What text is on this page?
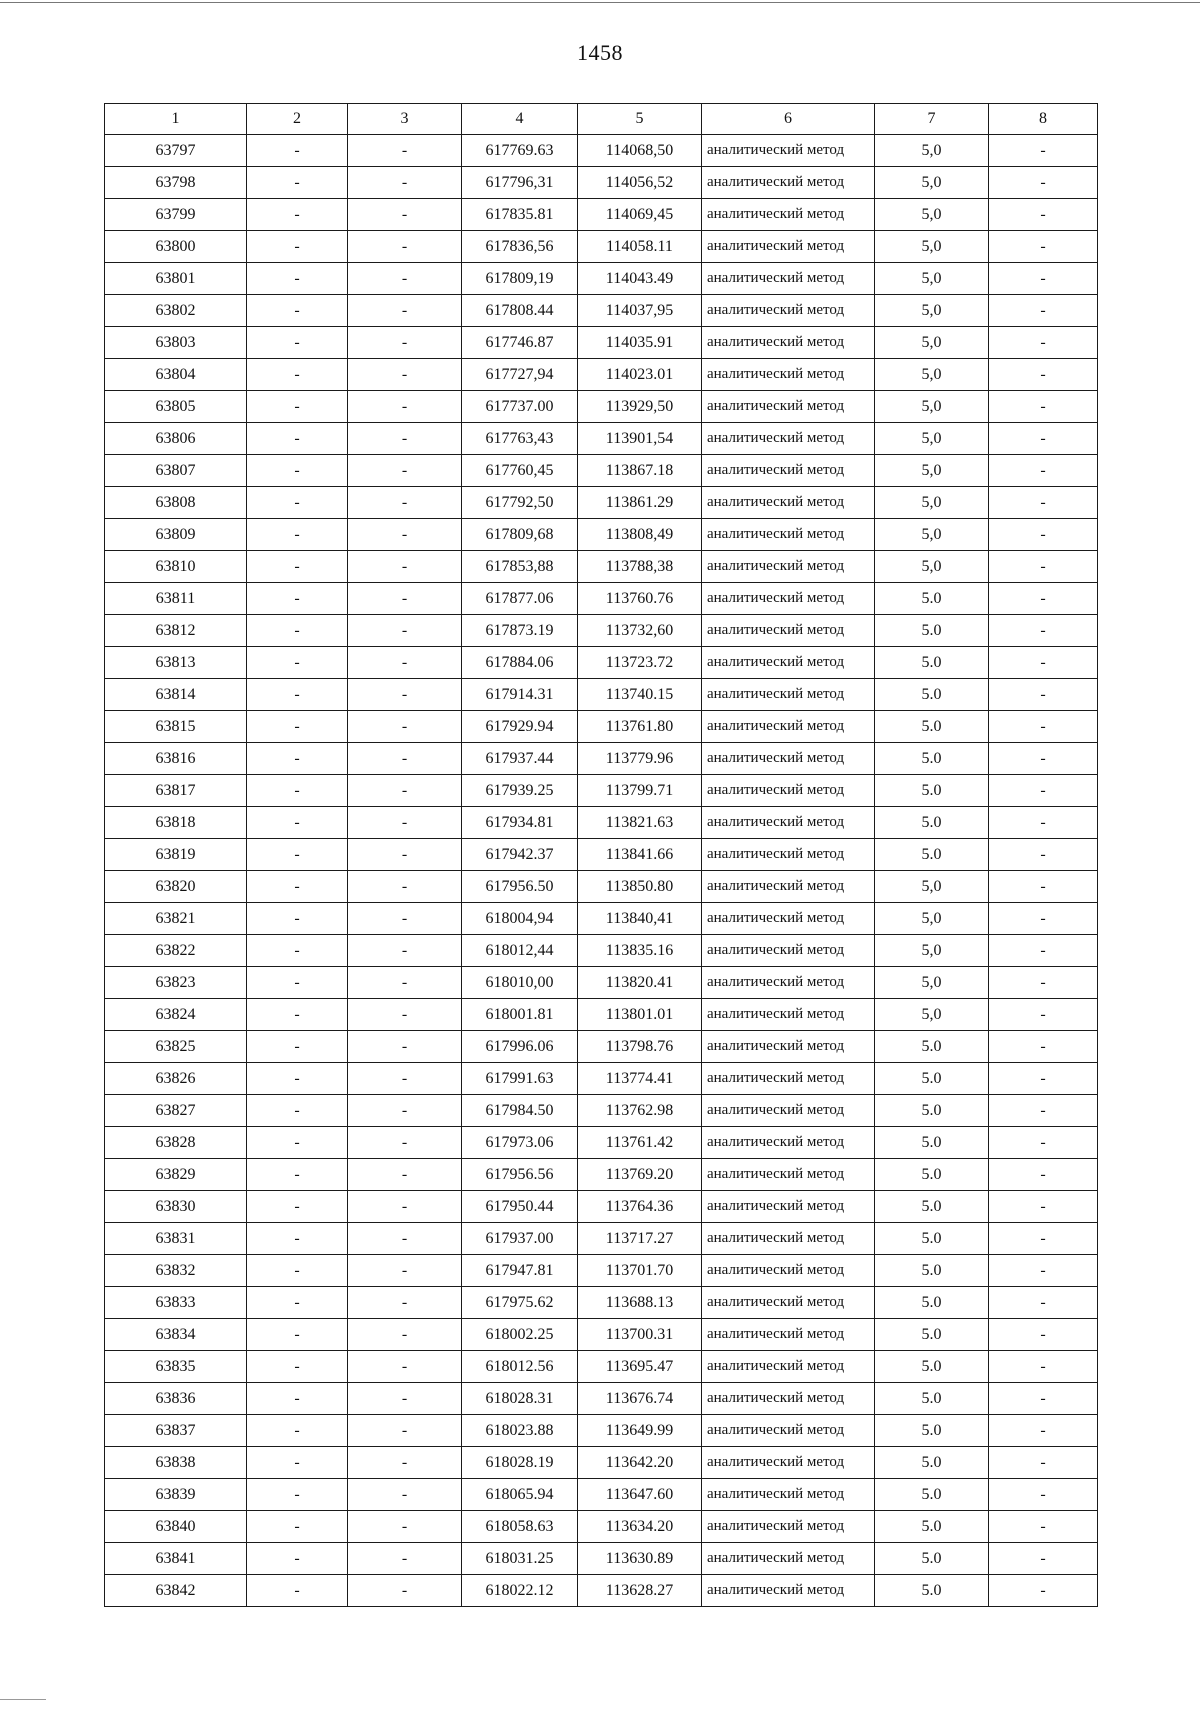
1458
1	2	3	4	5	6	7	8
63797	-	-	617769.63	114068,50	аналитический метод	5,0	-
63798	-	-	617796,31	114056,52	аналитический метод	5,0	-
63799	-	-	617835.81	114069,45	аналитический метод	5,0	-
63800	-	-	617836,56	114058.11	аналитический метод	5,0	-
63801	-	-	617809,19	114043.49	аналитический метод	5,0	-
63802	-	-	617808.44	114037,95	аналитический метод	5,0	-
63803	-	-	617746.87	114035.91	аналитический метод	5,0	-
63804	-	-	617727,94	114023.01	аналитический метод	5,0	-
63805	-	-	617737.00	113929,50	аналитический метод	5,0	-
63806	-	-	617763,43	113901,54	аналитический метод	5,0	-
63807	-	-	617760,45	113867.18	аналитический метод	5,0	-
63808	-	-	617792,50	113861.29	аналитический метод	5,0	-
63809	-	-	617809,68	113808,49	аналитический метод	5,0	-
63810	-	-	617853,88	113788,38	аналитический метод	5,0	-
63811	-	-	617877.06	113760.76	аналитический метод	5.0	-
63812	-	-	617873.19	113732,60	аналитический метод	5.0	-
63813	-	-	617884.06	113723.72	аналитический метод	5.0	-
63814	-	-	617914.31	113740.15	аналитический метод	5.0	-
63815	-	-	617929.94	113761.80	аналитический метод	5.0	-
63816	-	-	617937.44	113779.96	аналитический метод	5.0	-
63817	-	-	617939.25	113799.71	аналитический метод	5.0	-
63818	-	-	617934.81	113821.63	аналитический метод	5.0	-
63819	-	-	617942.37	113841.66	аналитический метод	5.0	-
63820	-	-	617956.50	113850.80	аналитический метод	5,0	-
63821	-	-	618004,94	113840,41	аналитический метод	5,0	-
63822	-	-	618012,44	113835.16	аналитический метод	5,0	-
63823	-	-	618010,00	113820.41	аналитический метод	5,0	-
63824	-	-	618001.81	113801.01	аналитический метод	5,0	-
63825	-	-	617996.06	113798.76	аналитический метод	5.0	-
63826	-	-	617991.63	113774.41	аналитический метод	5.0	-
63827	-	-	617984.50	113762.98	аналитический метод	5.0	-
63828	-	-	617973.06	113761.42	аналитический метод	5.0	-
63829	-	-	617956.56	113769.20	аналитический метод	5.0	-
63830	-	-	617950.44	113764.36	аналитический метод	5.0	-
63831	-	-	617937.00	113717.27	аналитический метод	5.0	-
63832	-	-	617947.81	113701.70	аналитический метод	5.0	-
63833	-	-	617975.62	113688.13	аналитический метод	5.0	-
63834	-	-	618002.25	113700.31	аналитический метод	5.0	-
63835	-	-	618012.56	113695.47	аналитический метод	5.0	-
63836	-	-	618028.31	113676.74	аналитический метод	5.0	-
63837	-	-	618023.88	113649.99	аналитический метод	5.0	-
63838	-	-	618028.19	113642.20	аналитический метод	5.0	-
63839	-	-	618065.94	113647.60	аналитический метод	5.0	-
63840	-	-	618058.63	113634.20	аналитический метод	5.0	-
63841	-	-	618031.25	113630.89	аналитический метод	5.0	-
63842	-	-	618022.12	113628.27	аналитический метод	5.0	-
